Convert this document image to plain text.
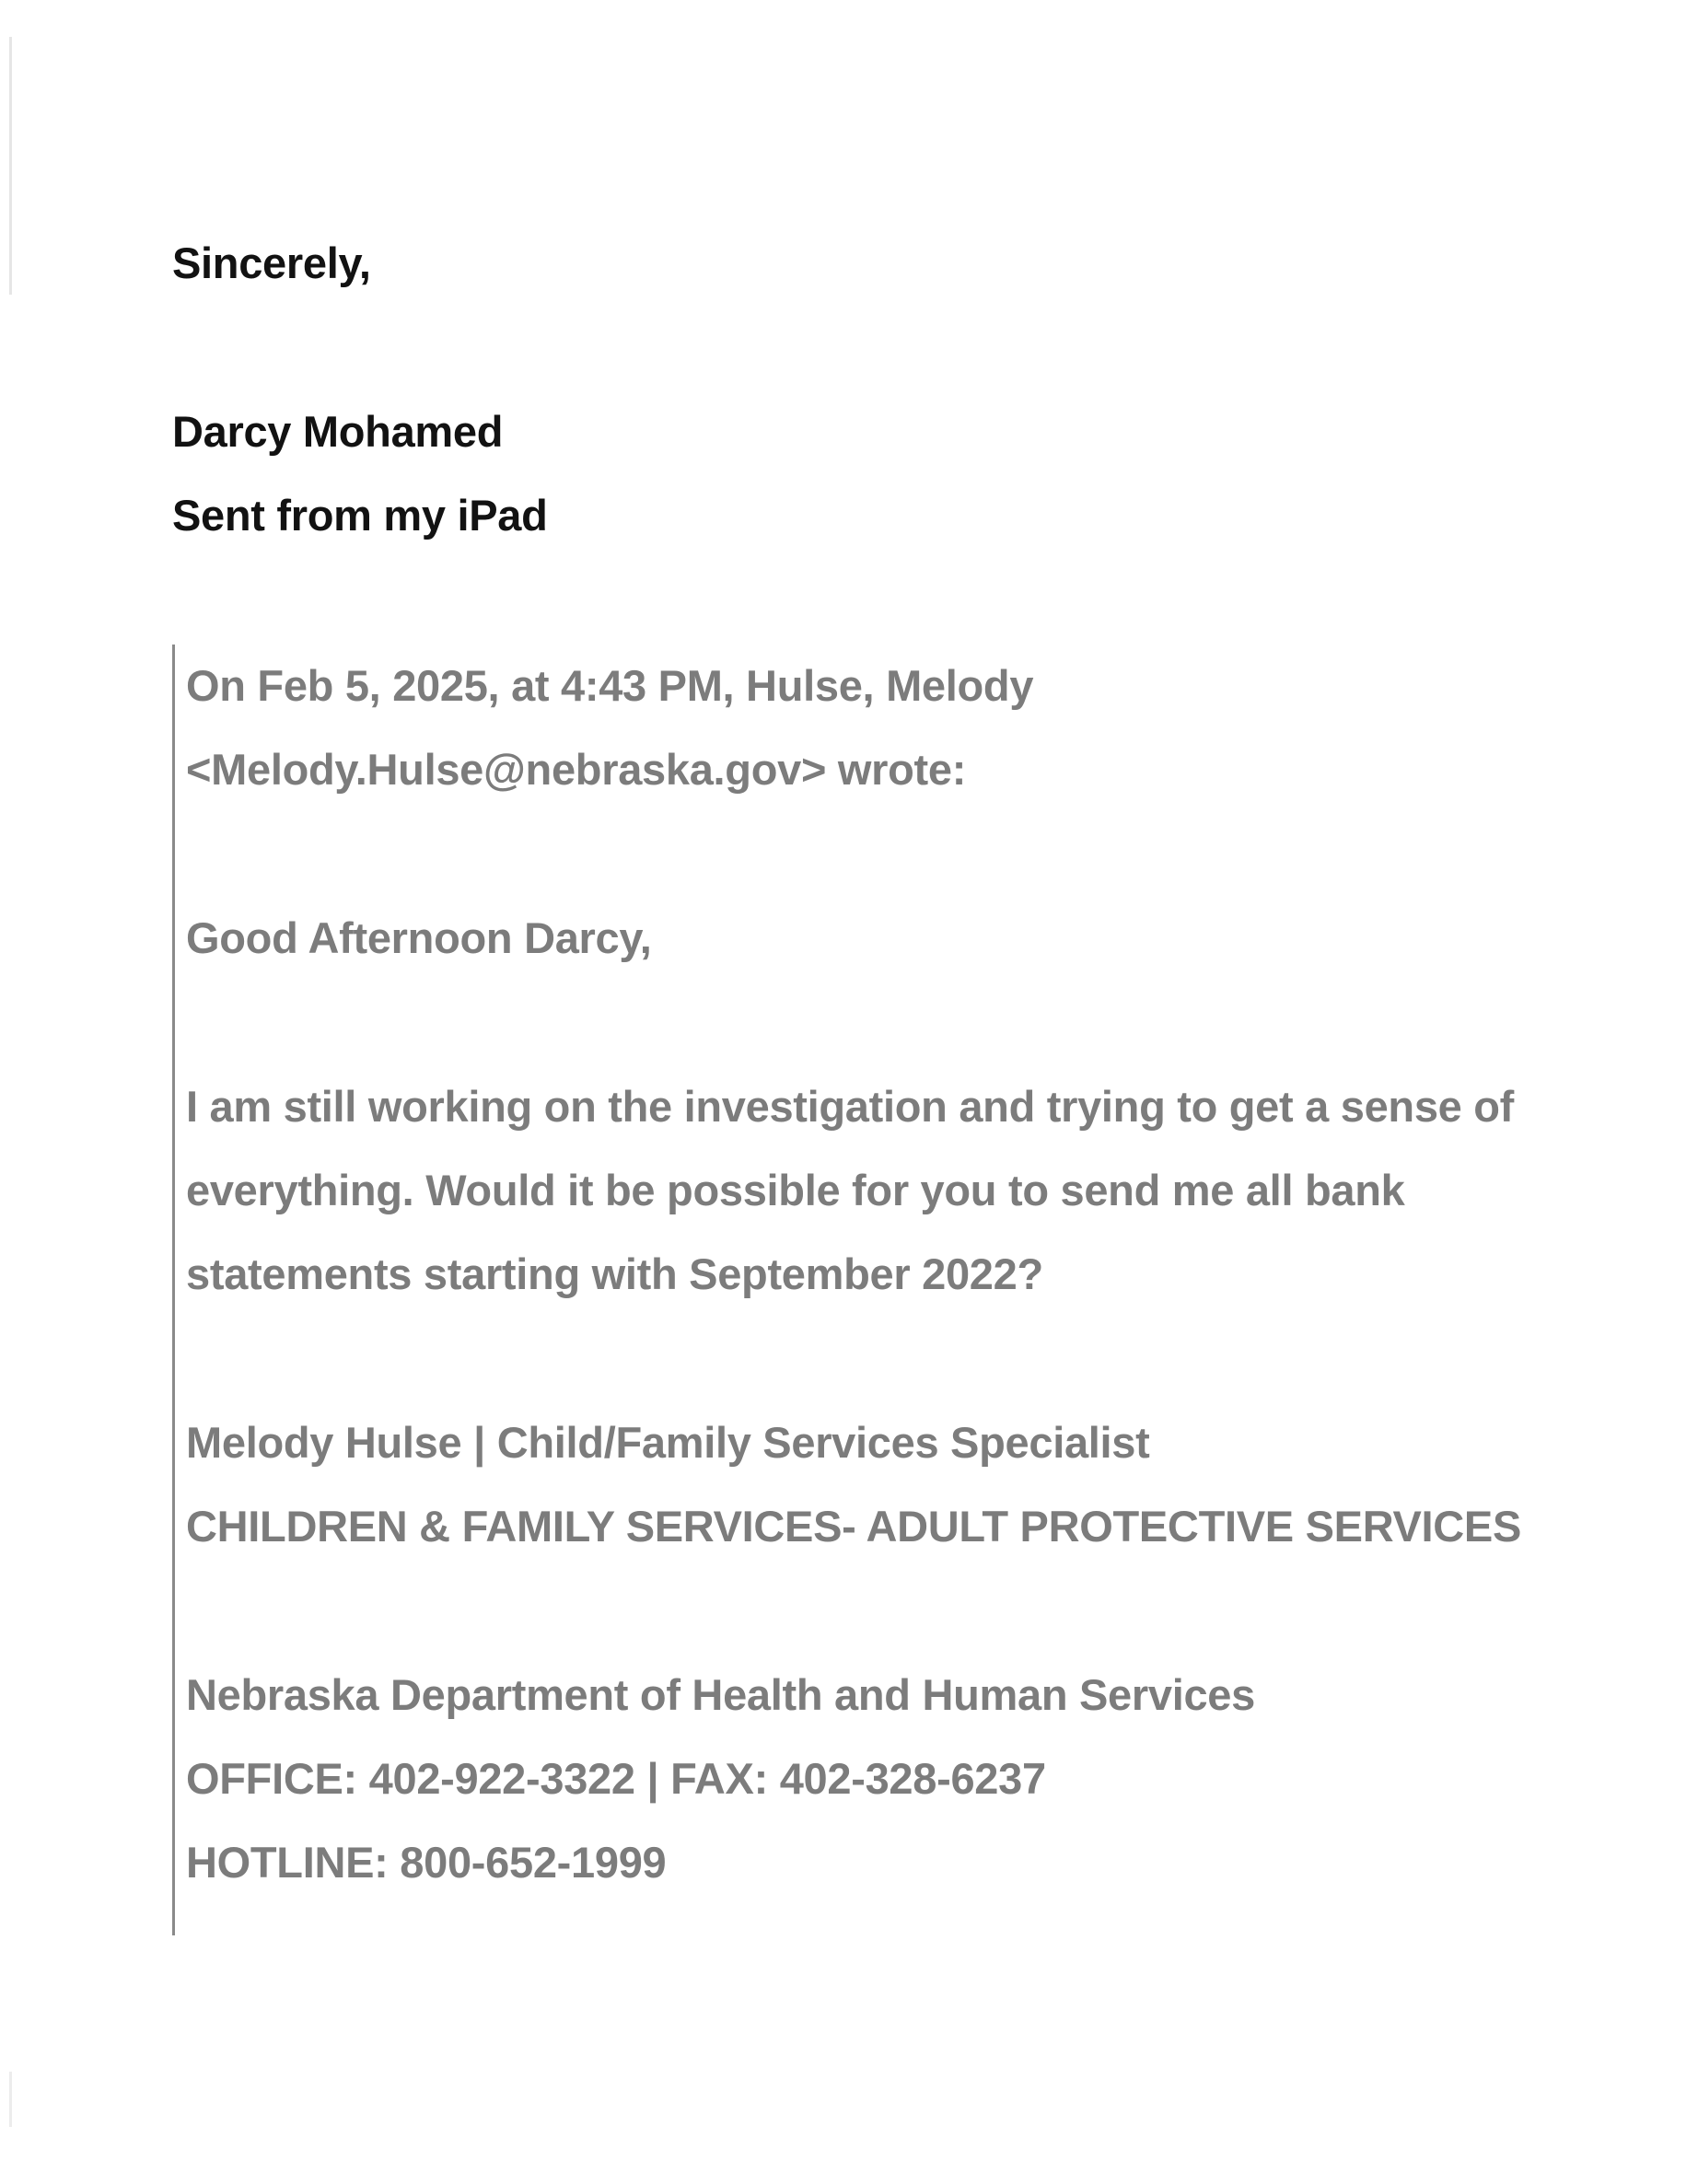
Sincerely,
Darcy Mohamed
Sent from my iPad
On Feb 5, 2025, at 4:43 PM, Hulse, Melody
<Melody.Hulse@nebraska.gov> wrote:
Good Afternoon Darcy,
I am still working on the investigation and trying to get a sense of
everything. Would it be possible for you to send me all bank
statements starting with September 2022?
Melody Hulse | Child/Family Services Specialist
CHILDREN & FAMILY SERVICES- ADULT PROTECTIVE SERVICES
Nebraska Department of Health and Human Services
OFFICE: 402-922-3322 | FAX: 402-328-6237
HOTLINE: 800-652-1999
